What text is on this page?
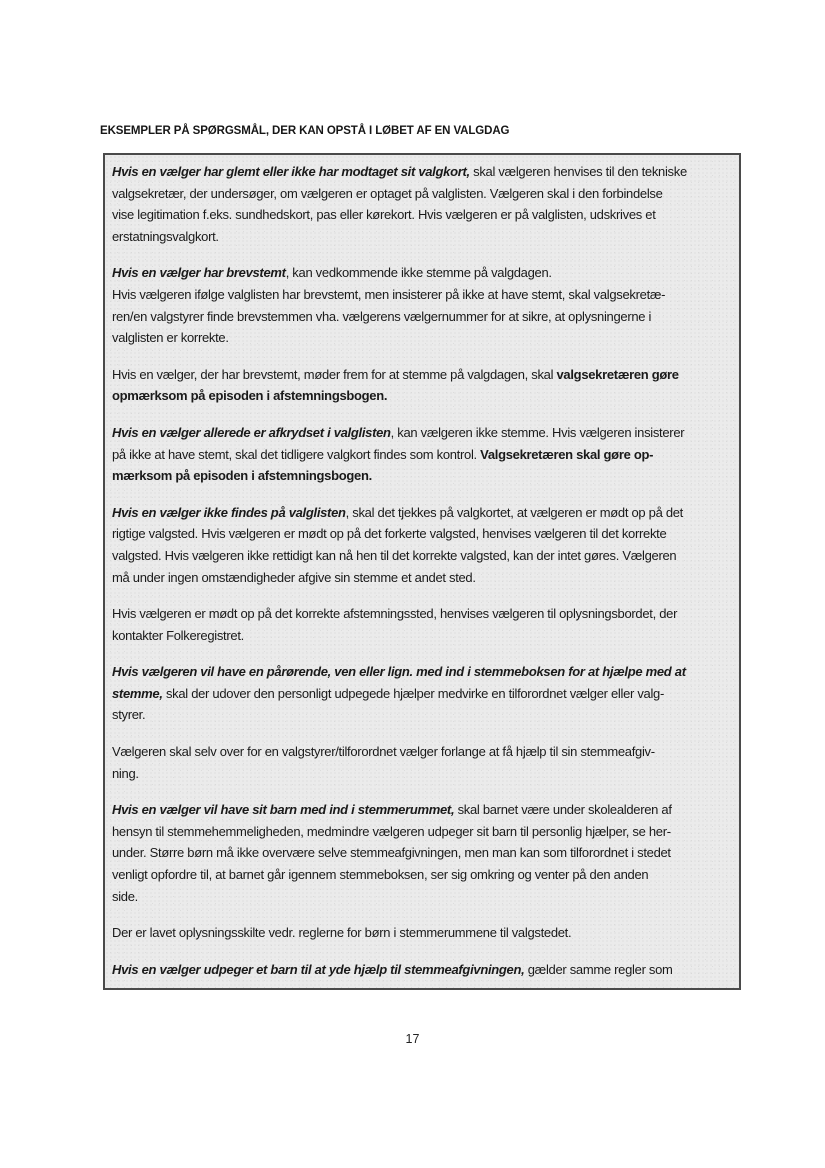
EKSEMPLER PÅ SPØRGSMÅL, DER KAN OPSTÅ I LØBET AF EN VALGDAG
Hvis en vælger har glemt eller ikke har modtaget sit valgkort, skal vælgeren henvises til den tekniske
valgsekretær, der undersøger, om vælgeren er optaget på valglisten. Vælgeren skal i den forbindelse
vise legitimation f.eks. sundhedskort, pas eller kørekort. Hvis vælgeren er på valglisten, udskrives et
erstatningsvalgkort.
Hvis en vælger har brevstemt, kan vedkommende ikke stemme på valgdagen.
Hvis vælgeren ifølge valglisten har brevstemt, men insisterer på ikke at have stemt, skal valgsekretæ-
ren/en valgstyrer finde brevstemmen vha. vælgerens vælgernummer for at sikre, at oplysningerne i
valglisten er korrekte.
Hvis en vælger, der har brevstemt, møder frem for at stemme på valgdagen, skal valgsekretæren gøre
opmærksom på episoden i afstemningsbogen.
Hvis en vælger allerede er afkrydset i valglisten, kan vælgeren ikke stemme. Hvis vælgeren insisterer
på ikke at have stemt, skal det tidligere valgkort findes som kontrol. Valgsekretæren skal gøre op-
mærksom på episoden i afstemningsbogen.
Hvis en vælger ikke findes på valglisten, skal det tjekkes på valgkortet, at vælgeren er mødt op på det
rigtige valgsted. Hvis vælgeren er mødt op på det forkerte valgsted, henvises vælgeren til det korrekte
valgsted. Hvis vælgeren ikke rettidigt kan nå hen til det korrekte valgsted, kan der intet gøres. Vælgeren
må under ingen omstændigheder afgive sin stemme et andet sted.
Hvis vælgeren er mødt op på det korrekte afstemningssted, henvises vælgeren til oplysningsbordet, der
kontakter Folkeregistret.
Hvis vælgeren vil have en pårørende, ven eller lign. med ind i stemmeboksen for at hjælpe med at
stemme, skal der udover den personligt udpegede hjælper medvirke en tilforordnet vælger eller valg-
styrer.
Vælgeren skal selv over for en valgstyrer/tilforordnet vælger forlange at få hjælp til sin stemmeafgiv-
ning.
Hvis en vælger vil have sit barn med ind i stemmerummet, skal barnet være under skolealderen af
hensyn til stemmehemmeligheden, medmindre vælgeren udpeger sit barn til personlig hjælper, se her-
under. Større børn må ikke overvære selve stemmeafgivningen, men man kan som tilforordnet i stedet
venligt opfordre til, at barnet går igennem stemmeboksen, ser sig omkring og venter på den anden
side.
Der er lavet oplysningsskilte vedr. reglerne for børn i stemmerummene til valgstedet.
Hvis en vælger udpeger et barn til at yde hjælp til stemmeafgivningen, gælder samme regler som
17
